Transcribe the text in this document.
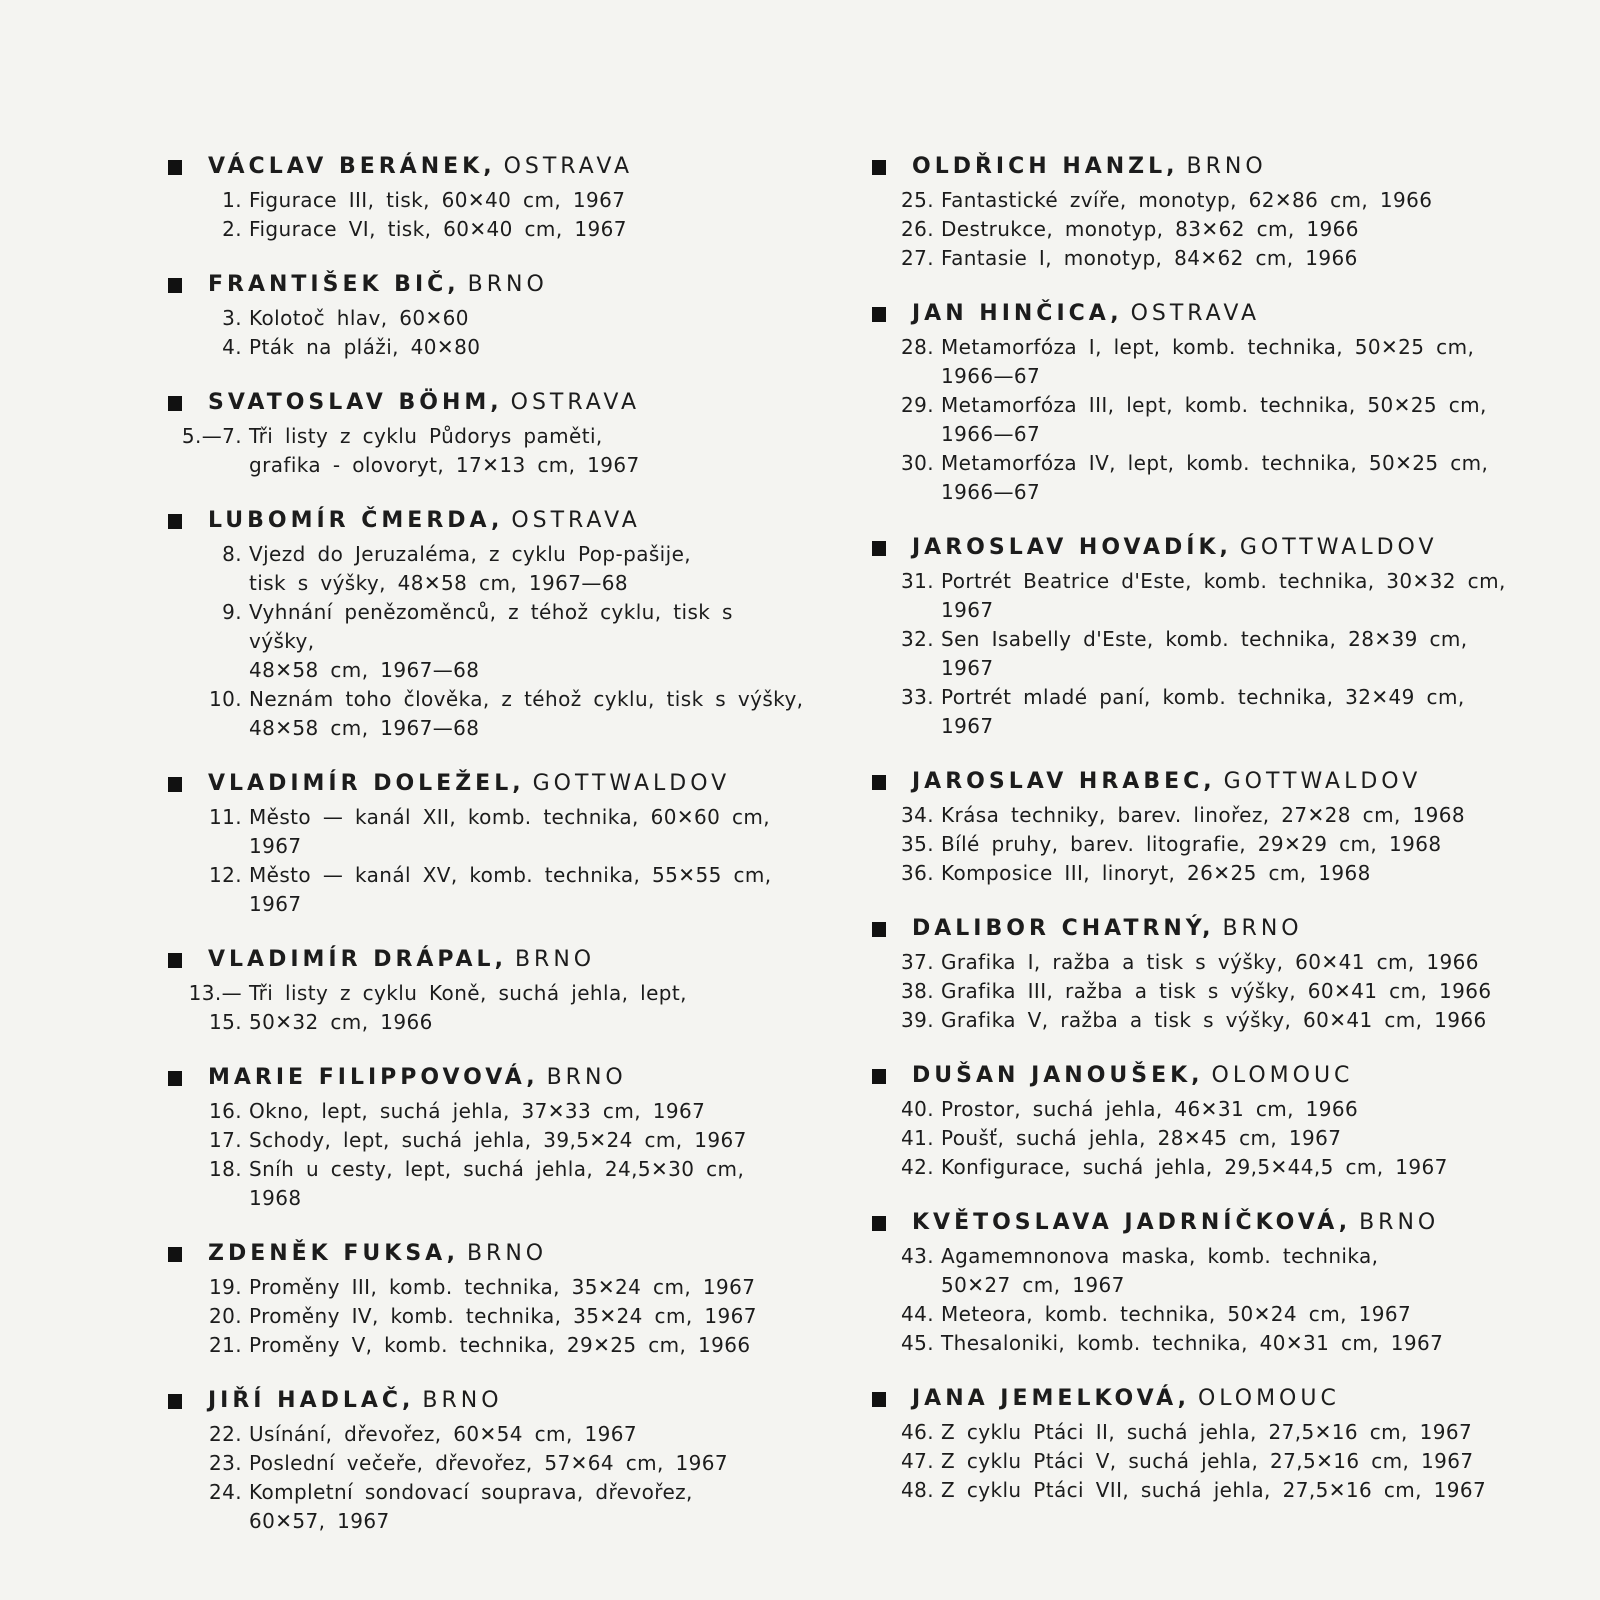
VÁCLAV BERÁNEK, OSTRAVA
1. Figurace III, tisk, 60✕40 cm, 1967
2. Figurace VI, tisk, 60✕40 cm, 1967
FRANTIŠEK BIČ, BRNO
3. Kolotoč hlav, 60✕60
4. Pták na pláži, 40✕80
SVATOSLAV BÖHM, OSTRAVA
5.—7. Tři listy z cyklu Půdorys paměti,
grafika - olovoryt, 17✕13 cm, 1967
LUBOMÍR ČMERDA, OSTRAVA
8. Vjezd do Jeruzaléma, z cyklu Pop-pašije,
tisk s výšky, 48✕58 cm, 1967—68
9. Vyhnání penězoměnců, z téhož cyklu, tisk s výšky,
48✕58 cm, 1967—68
10. Neznám toho člověka, z téhož cyklu, tisk s výšky,
48✕58 cm, 1967—68
VLADIMÍR DOLEŽEL, GOTTWALDOV
11. Město — kanál XII, komb. technika, 60✕60 cm,
1967
12. Město — kanál XV, komb. technika, 55✕55 cm,
1967
VLADIMÍR DRÁPAL, BRNO
13.—15.
Tři listy z cyklu Koně, suchá jehla, lept,
50✕32 cm, 1966
MARIE FILIPPOVOVÁ, BRNO
16. Okno, lept, suchá jehla, 37✕33 cm, 1967
17. Schody, lept, suchá jehla, 39,5✕24 cm, 1967
18. Sníh u cesty, lept, suchá jehla, 24,5✕30 cm, 1968
ZDENĚK FUKSA, BRNO
19. Proměny III, komb. technika, 35✕24 cm, 1967
20. Proměny IV, komb. technika, 35✕24 cm, 1967
21. Proměny V, komb. technika, 29✕25 cm, 1966
JIŘÍ HADLAČ, BRNO
22. Usínání, dřevořez, 60✕54 cm, 1967
23. Poslední večeře, dřevořez, 57✕64 cm, 1967
24. Kompletní sondovací souprava, dřevořez,
60✕57, 1967
OLDŘICH HANZL, BRNO
25. Fantastické zvíře, monotyp, 62✕86 cm, 1966
26. Destrukce, monotyp, 83✕62 cm, 1966
27. Fantasie I, monotyp, 84✕62 cm, 1966
JAN HINČICA, OSTRAVA
28. Metamorfóza I, lept, komb. technika, 50✕25 cm,
1966—67
29. Metamorfóza III, lept, komb. technika, 50✕25 cm,
1966—67
30. Metamorfóza IV, lept, komb. technika, 50✕25 cm,
1966—67
JAROSLAV HOVADÍK, GOTTWALDOV
31. Portrét Beatrice d'Este, komb. technika, 30✕32 cm,
1967
32. Sen Isabelly d'Este, komb. technika, 28✕39 cm,
1967
33. Portrét mladé paní, komb. technika, 32✕49 cm,
1967
JAROSLAV HRABEC, GOTTWALDOV
34. Krása techniky, barev. linořez, 27✕28 cm, 1968
35. Bílé pruhy, barev. litografie, 29✕29 cm, 1968
36. Komposice III, linoryt, 26✕25 cm, 1968
DALIBOR CHATRNÝ, BRNO
37. Grafika I, ražba a tisk s výšky, 60✕41 cm, 1966
38. Grafika III, ražba a tisk s výšky, 60✕41 cm, 1966
39. Grafika V, ražba a tisk s výšky, 60✕41 cm, 1966
DUŠAN JANOUŠEK, OLOMOUC
40. Prostor, suchá jehla, 46✕31 cm, 1966
41. Poušť, suchá jehla, 28✕45 cm, 1967
42. Konfigurace, suchá jehla, 29,5✕44,5 cm, 1967
KVĚTOSLAVA JADRNÍČKOVÁ, BRNO
43. Agamemnonova maska, komb. technika,
50✕27 cm, 1967
44. Meteora, komb. technika, 50✕24 cm, 1967
45. Thesaloniki, komb. technika, 40✕31 cm, 1967
JANA JEMELKOVÁ, OLOMOUC
46. Z cyklu Ptáci II, suchá jehla, 27,5✕16 cm, 1967
47. Z cyklu Ptáci V, suchá jehla, 27,5✕16 cm, 1967
48. Z cyklu Ptáci VII, suchá jehla, 27,5✕16 cm, 1967
